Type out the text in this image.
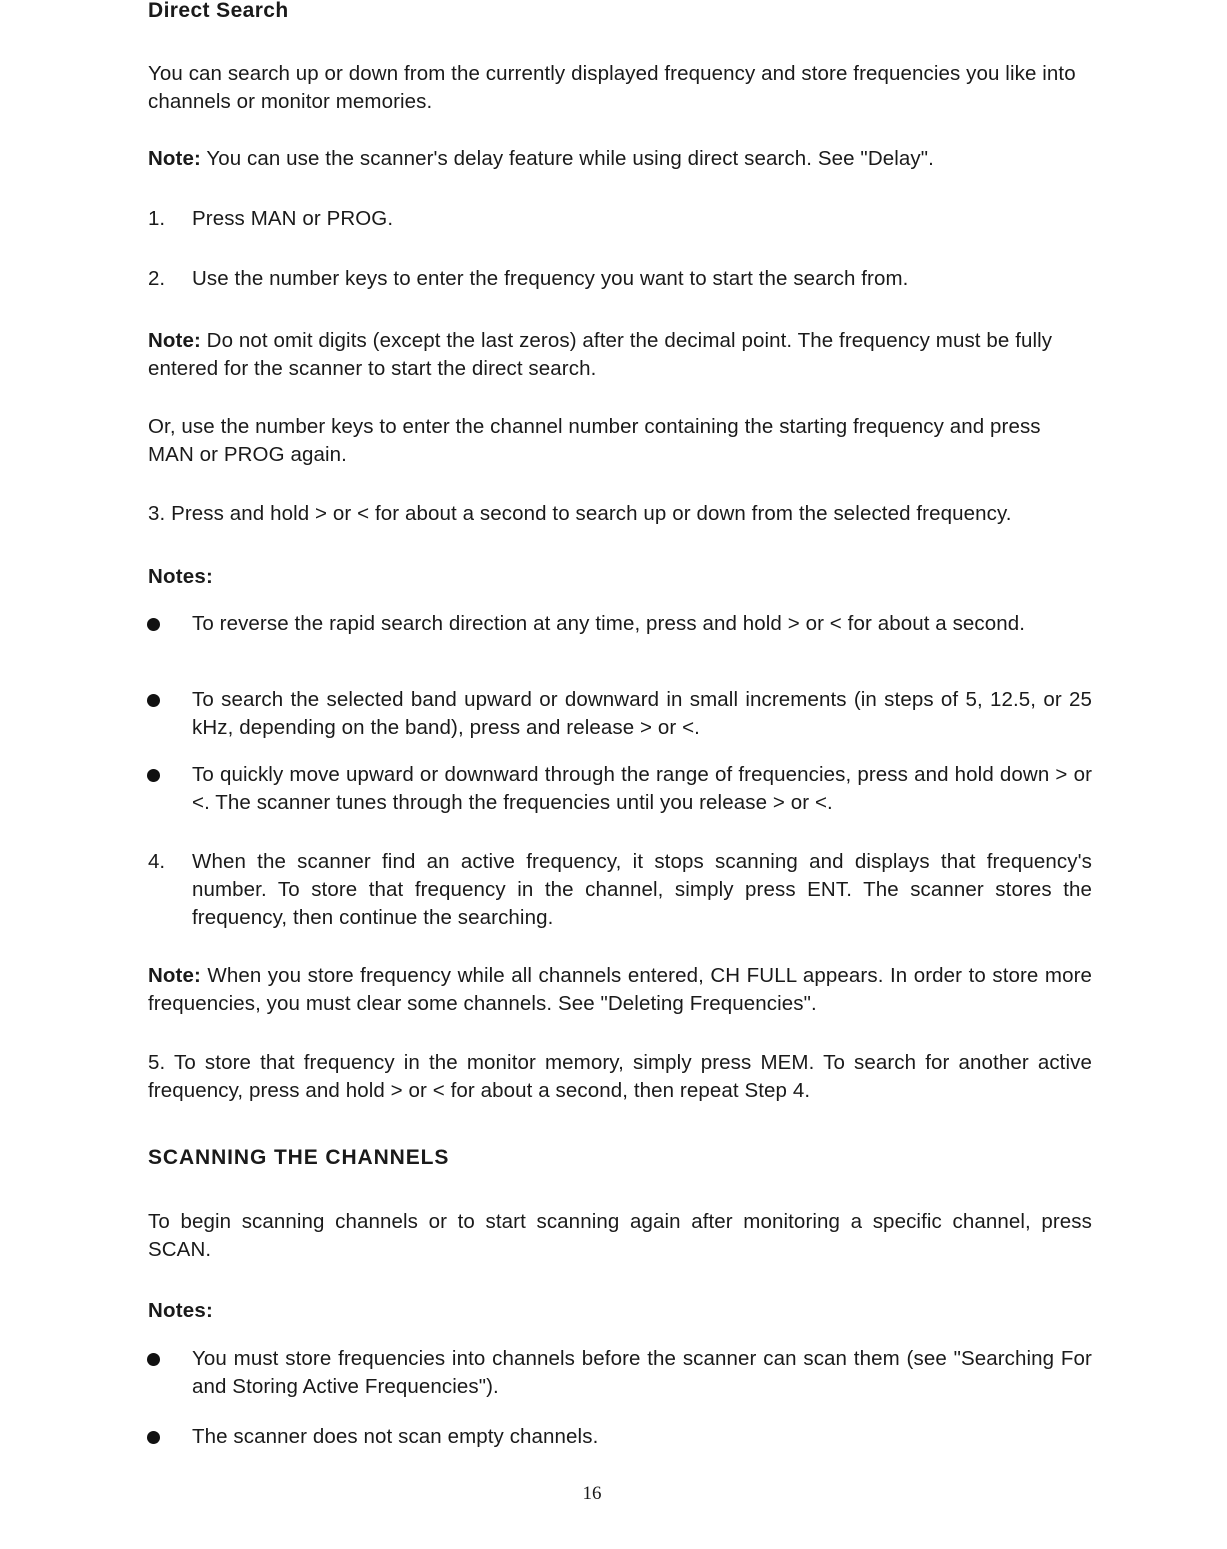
Direct Search
You can search up or down from the currently displayed frequency and store frequencies you like into channels or monitor memories.
Note: You can use the scanner's delay feature while using direct search. See "Delay".
1. Press MAN or PROG.
2. Use the number keys to enter the frequency you want to start the search from.
Note: Do not omit digits (except the last zeros) after the decimal point. The frequency must be fully entered for the scanner to start the direct search.
Or, use the number keys to enter the channel number containing the starting frequency and press MAN or PROG again.
3. Press and hold > or < for about a second to search up or down from the selected frequency.
Notes:
To reverse the rapid search direction at any time, press and hold > or < for about a second.
To search the selected band upward or downward in small increments (in steps of 5, 12.5, or 25 kHz, depending on the band), press and release > or <.
To quickly move upward or downward through the range of frequencies, press and hold down > or <. The scanner tunes through the frequencies until you release > or <.
4. When the scanner find an active frequency, it stops scanning and displays that frequency's number. To store that frequency in the channel, simply press ENT. The scanner stores the frequency, then continue the searching.
Note: When you store frequency while all channels entered, CH FULL appears. In order to store more frequencies, you must clear some channels. See "Deleting Frequencies".
5. To store that frequency in the monitor memory, simply press MEM. To search for another active frequency, press and hold > or < for about a second, then repeat Step 4.
SCANNING THE CHANNELS
To begin scanning channels or to start scanning again after monitoring a specific channel, press SCAN.
Notes:
You must store frequencies into channels before the scanner can scan them (see "Searching For and Storing Active Frequencies").
The scanner does not scan empty channels.
16
